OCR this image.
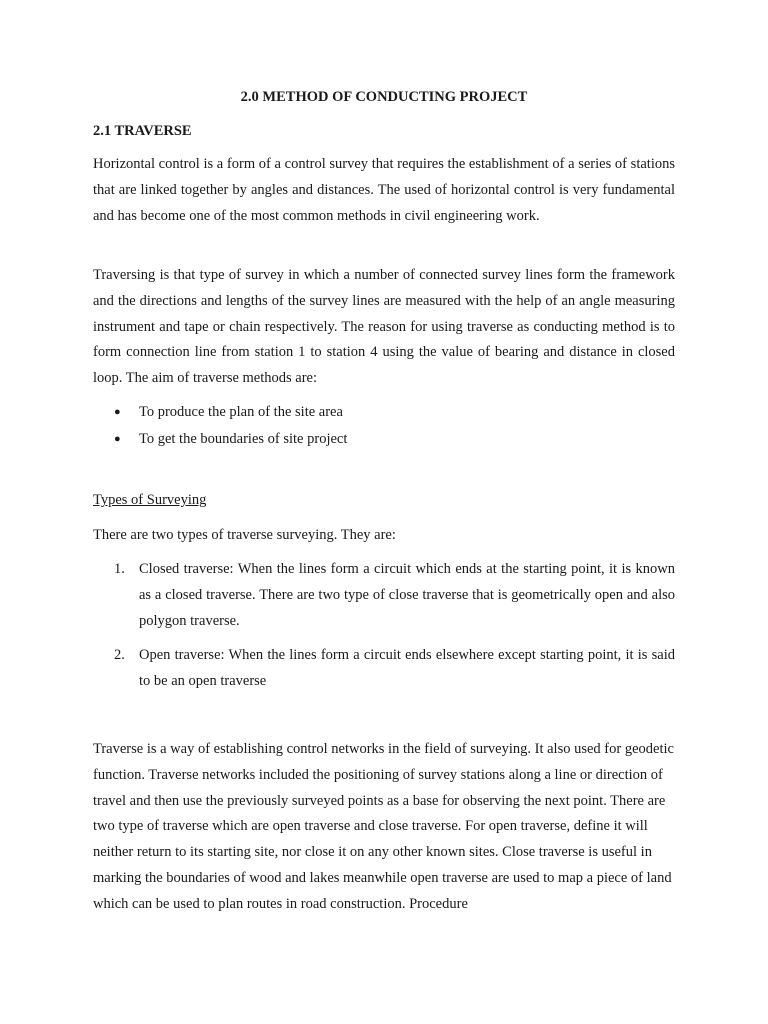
2.0 METHOD OF CONDUCTING PROJECT
2.1 TRAVERSE

Horizontal control is a form of a control survey that requires the establishment of a series of stations that are linked together by angles and distances. The used of horizontal control is very fundamental and has become one of the most common methods in civil engineering work.

Traversing is that type of survey in which a number of connected survey lines form the framework and the directions and lengths of the survey lines are measured with the help of an angle measuring instrument and tape or chain respectively. The reason for using traverse as conducting method is to form connection line from station 1 to station 4 using the value of bearing and distance in closed loop. The aim of traverse methods are:

● To produce the plan of the site area
● To get the boundaries of site project

Types of Surveying

There are two types of traverse surveying. They are:

1. Closed traverse: When the lines form a circuit which ends at the starting point, it is known as a closed traverse. There are two type of close traverse that is geometrically open and also polygon traverse.
2. Open traverse: When the lines form a circuit ends elsewhere except starting point, it is said to be an open traverse

Traverse is a way of establishing control networks in the field of surveying. It also used for geodetic function. Traverse networks included the positioning of survey stations along a line or direction of travel and then use the previously surveyed points as a base for observing the next point. There are two type of traverse which are open traverse and close traverse. For open traverse, define it will neither return to its starting site, nor close it on any other known sites. Close traverse is useful in marking the boundaries of wood and lakes meanwhile open traverse are used to map a piece of land which can be used to plan routes in road construction. Procedure
